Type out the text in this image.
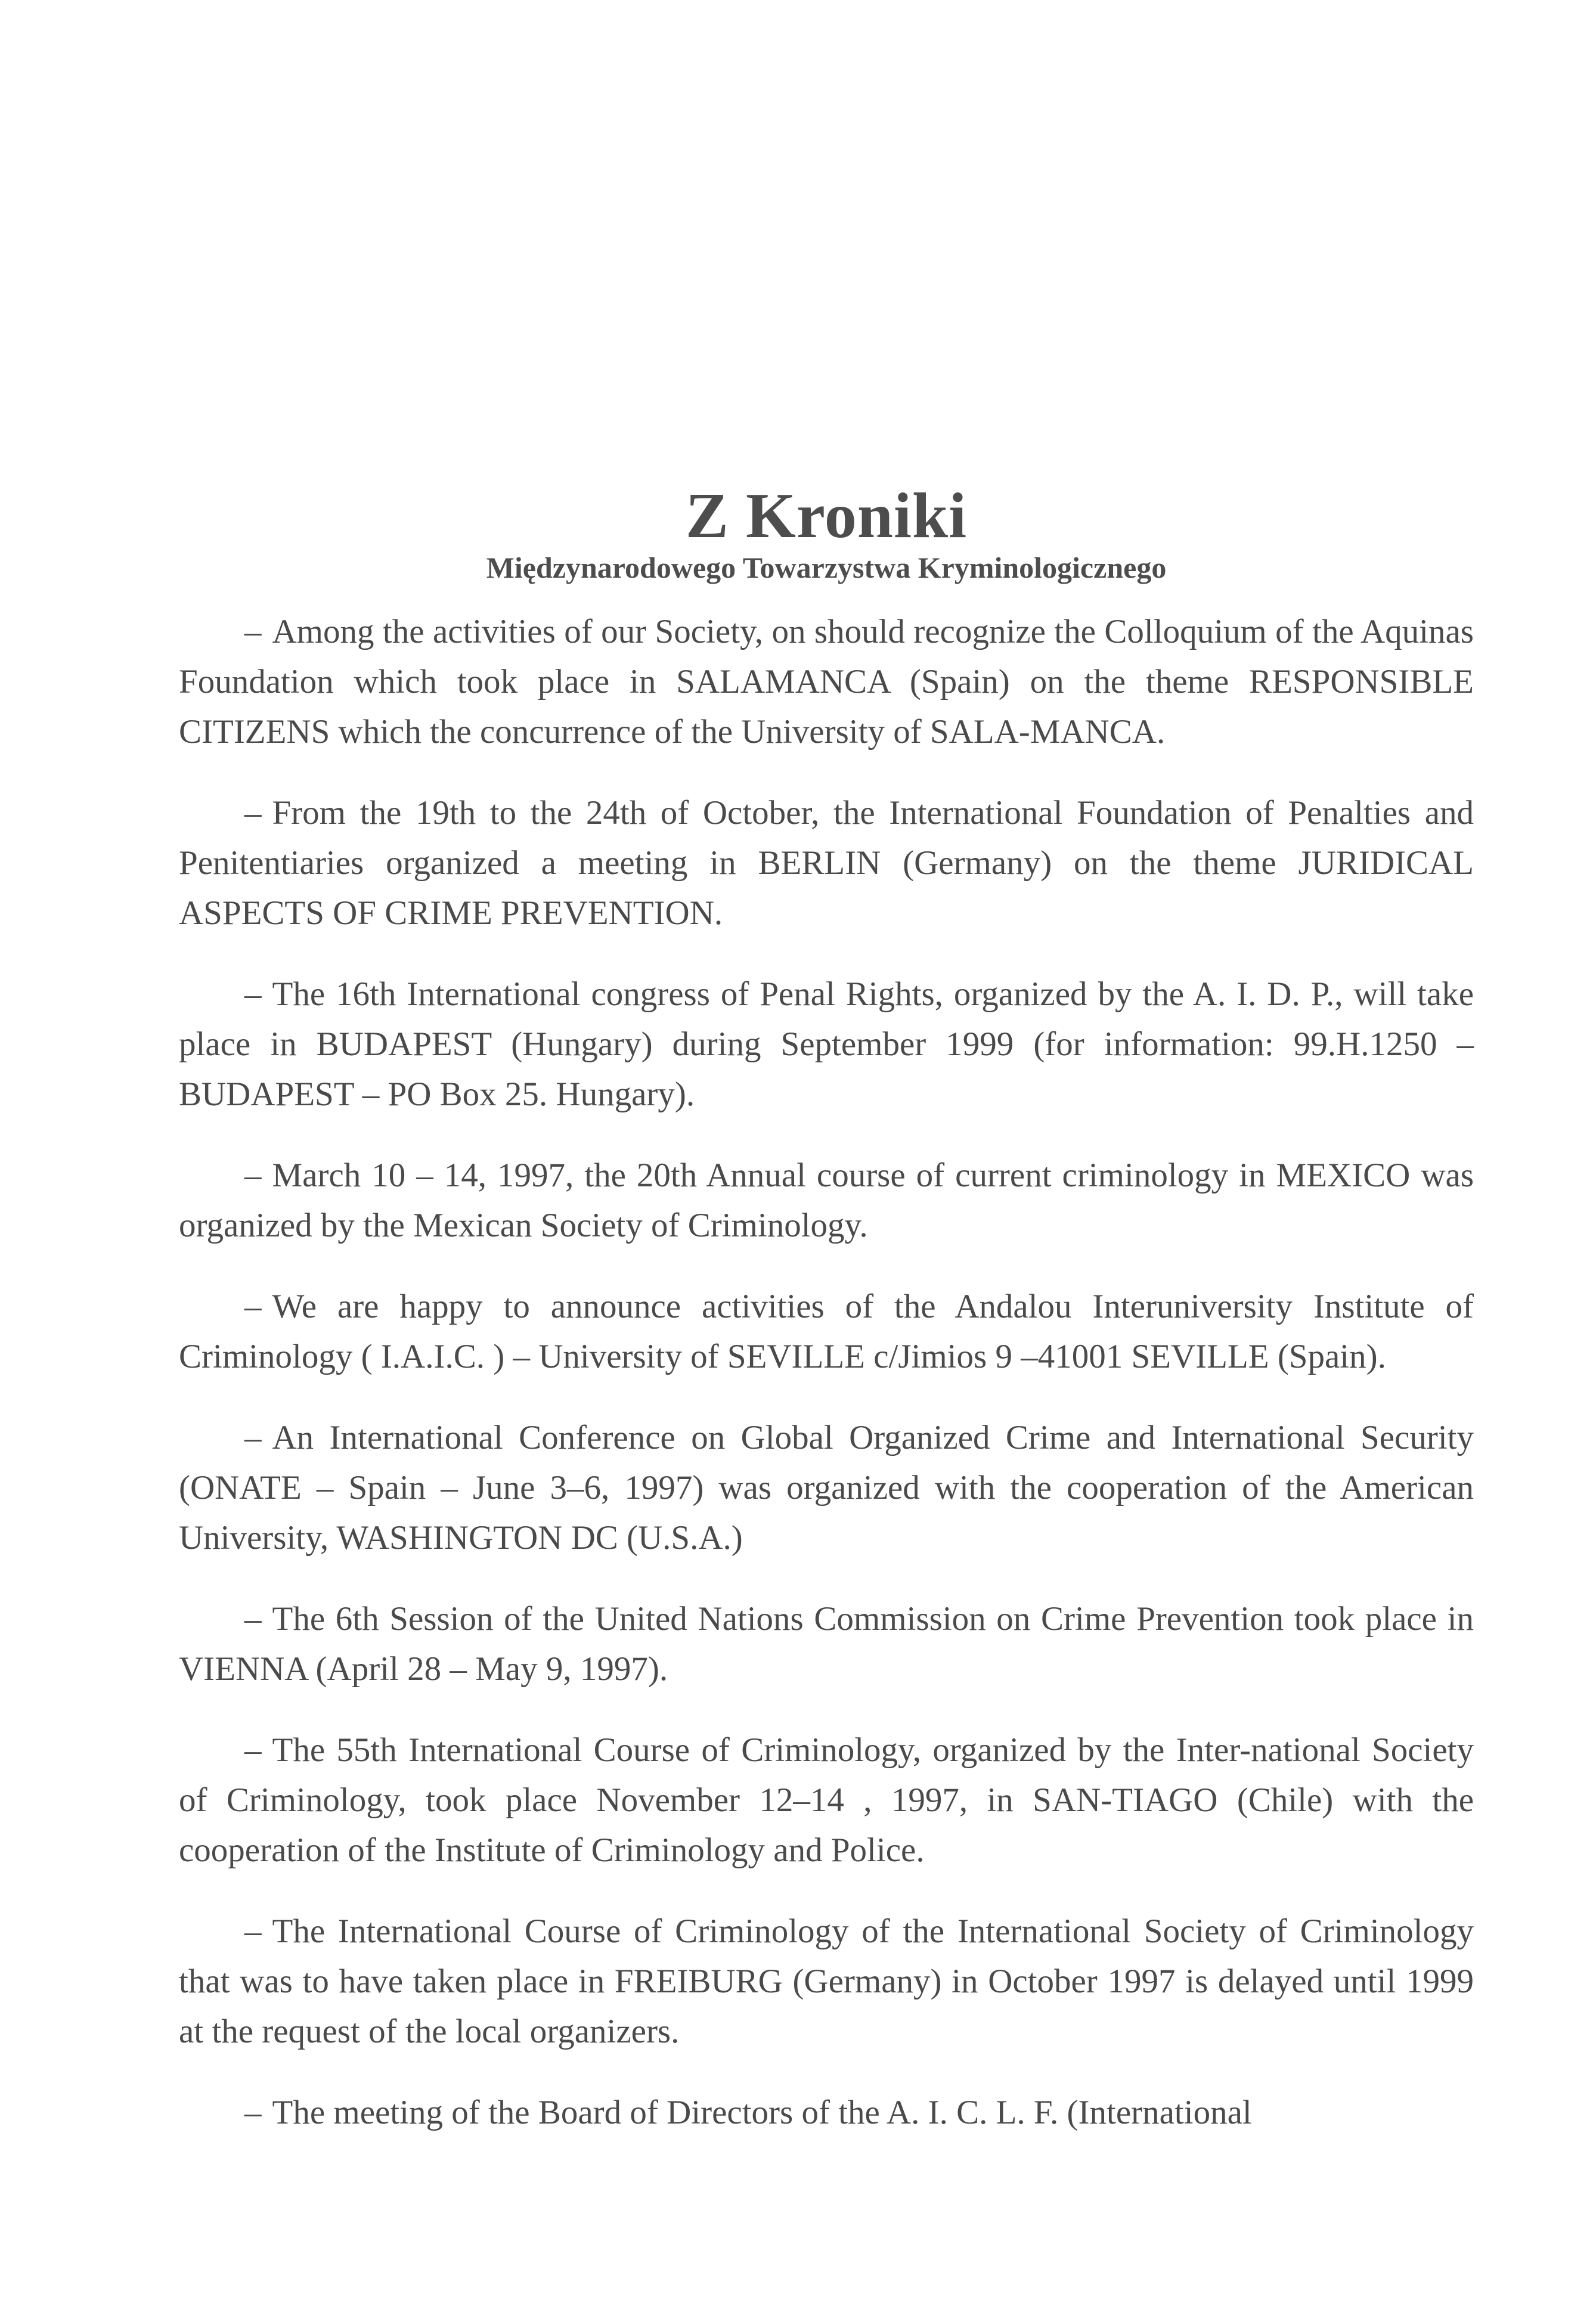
Z Kroniki
Międzynarodowego Towarzystwa Kryminologicznego

– Among the activities of our Society, on should recognize the Colloquium of the Aquinas Foundation which took place in SALAMANCA (Spain) on the theme RESPONSIBLE CITIZENS which the concurrence of the University of SALA-MANCA.

– From the 19th to the 24th of October, the International Foundation of Penalties and Penitentiaries organized a meeting in BERLIN (Germany) on the theme JURIDICAL ASPECTS OF CRIME PREVENTION.

– The 16th International congress of Penal Rights, organized by the A. I. D. P., will take place in BUDAPEST (Hungary) during September 1999 (for information: 99.H.1250 – BUDAPEST – PO Box 25. Hungary).

– March 10 – 14, 1997, the 20th Annual course of current criminology in MEXICO was organized by the Mexican Society of Criminology.

– We are happy to announce activities of the Andalou Interuniversity Institute of Criminology ( I.A.I.C. ) – University of SEVILLE c/Jimios 9 –41001 SEVILLE (Spain).

– An International Conference on Global Organized Crime and International Security (ONATE – Spain – June 3–6, 1997) was organized with the cooperation of the American University, WASHINGTON DC (U.S.A.)

– The 6th Session of the United Nations Commission on Crime Prevention took place in VIENNA (April 28 – May 9, 1997).

– The 55th International Course of Criminology, organized by the Inter-national Society of Criminology, took place November 12–14 , 1997, in SAN-TIAGO (Chile) with the cooperation of the Institute of Criminology and Police.

– The International Course of Criminology of the International Society of Criminology that was to have taken place in FREIBURG (Germany) in October 1997 is delayed until 1999 at the request of the local organizers.

– The meeting of the Board of Directors of the A. I. C. L. F. (International
